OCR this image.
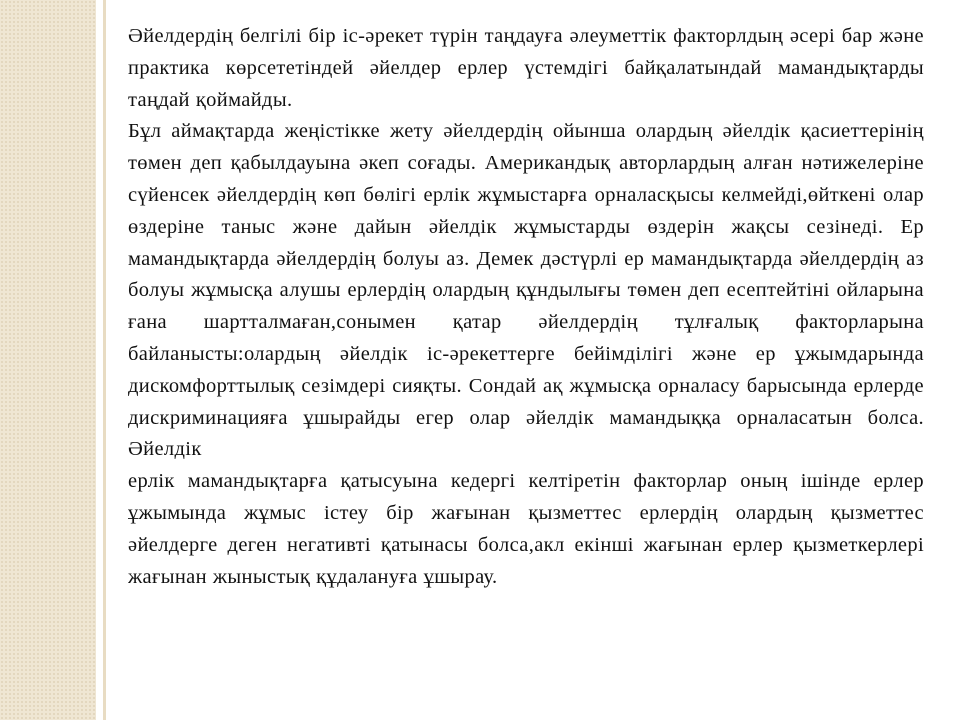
Әйелдердің белгілі бір іс-әрекет түрін таңдауға әлеуметтік факторлдың әсері бар және практика көрсететіндей әйелдер ерлер үстемдігі байқалатындай мамандықтарды таңдай қоймайды.
Бұл аймақтарда жеңістікке жету әйелдердің ойынша олардың әйелдік қасиеттерінің төмен деп қабылдауына әкеп соғады. Американдық авторлардың алған нәтижелеріне сүйенсек әйелдердің көп бөлігі ерлік жұмыстарға орналасқысы келмейді,өйткені олар өздеріне таныс және дайын әйелдік жұмыстарды өздерін жақсы сезінеді. Ер мамандықтарда әйелдердің болуы аз. Демек дәстүрлі ер мамандықтарда әйелдердің аз болуы жұмысқа алушы ерлердің олардың құндылығы төмен деп есептейтіні ойларына ғана шартталмаған,сонымен қатар әйелдердің тұлғалық факторларына байланысты:олардың әйелдік іс-әрекеттерге бейімділігі және ер ұжымдарында дискомфорттылық сезімдері сияқты. Сондай ақ жұмысқа орналасу барысында ерлерде дискриминацияға ұшырайды егер олар әйелдік мамандыққа орналасатын болса. Әйелдік
ерлік мамандықтарға қатысуына кедергі келтіретін факторлар оның ішінде ерлер ұжымында жұмыс істеу бір жағынан қызметтес ерлердің олардың қызметтес әйелдерге деген негативті қатынасы болса,акл екінші жағынан ерлер қызметкерлері жағынан жыныстық құдалануға ұшырау.
